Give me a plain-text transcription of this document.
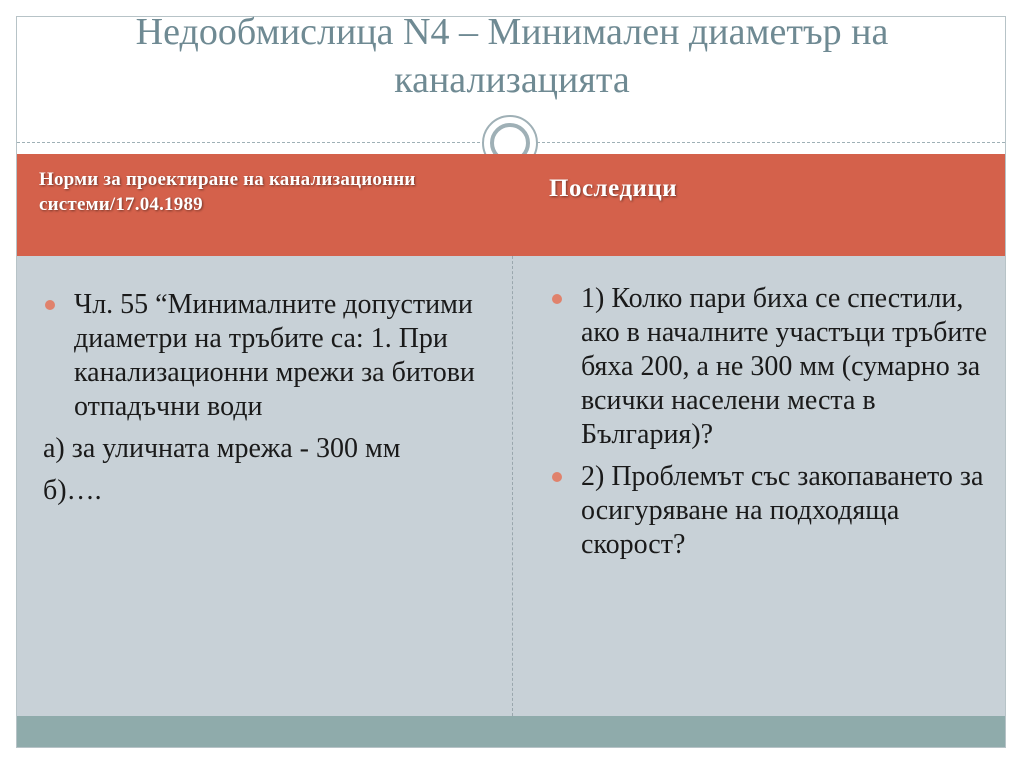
Недообмислица N4 – Минимален диаметър на канализацията
Норми за проектиране на канализационни системи/17.04.1989
Последици
Чл. 55 “Минималните допустими диаметри на тръбите са: 1. При канализационни мрежи за битови отпадъчни води
а) за уличната мрежа - 300 мм
б)….
1) Колко пари биха се спестили, ако в началните участъци тръбите бяха 200, а не 300 мм (сумарно за всички населени места в България)?
2) Проблемът със закопаването за осигуряване на подходяща скорост?
